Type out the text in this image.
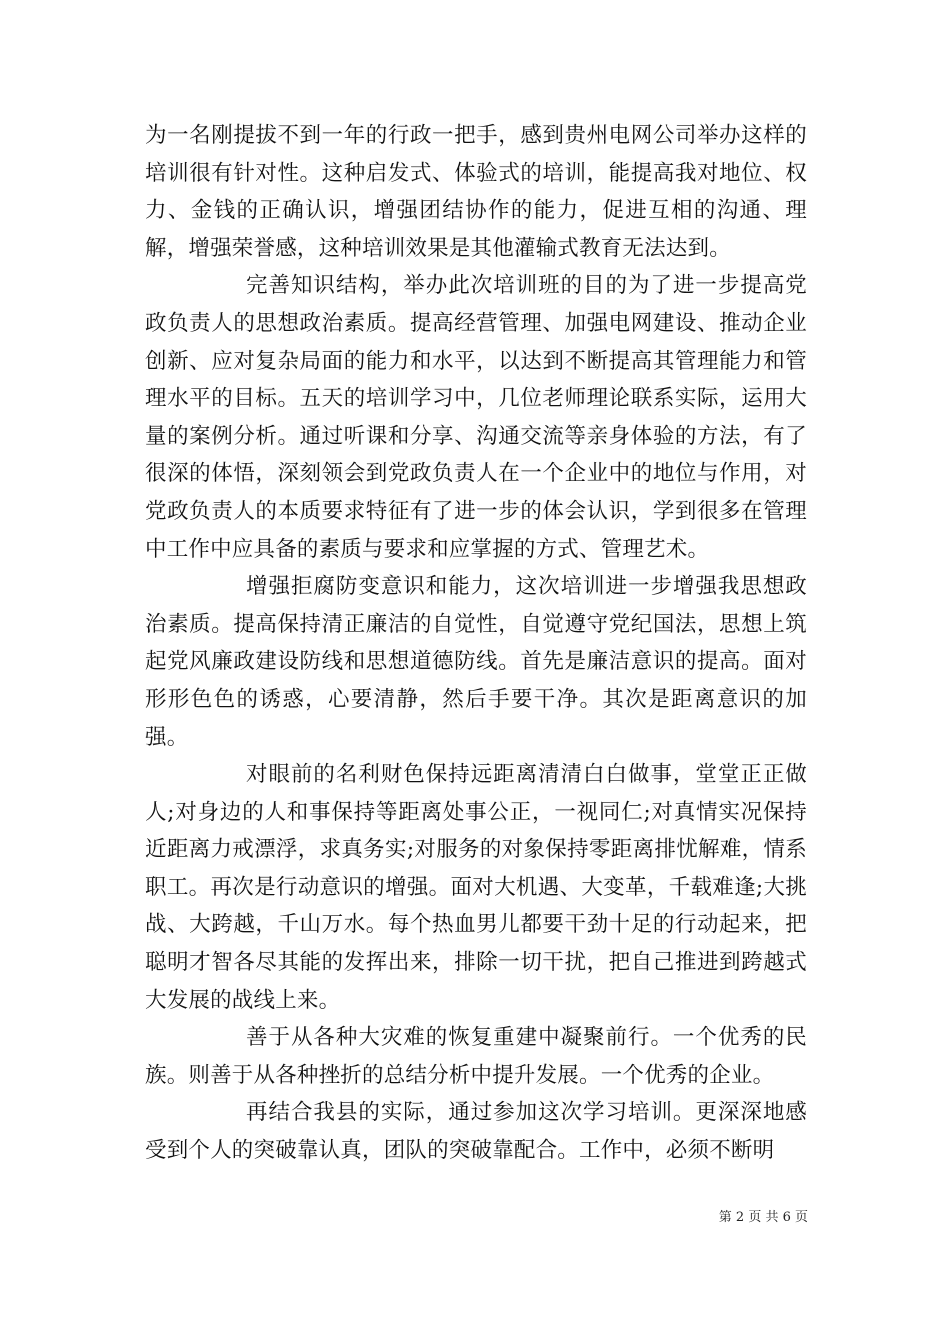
为一名刚提拔不到一年的行政一把手，感到贵州电网公司举办这样的培训很有针对性。这种启发式、体验式的培训，能提高我对地位、权力、金钱的正确认识，增强团结协作的能力，促进互相的沟通、理解，增强荣誉感，这种培训效果是其他灌输式教育无法达到。

完善知识结构，举办此次培训班的目的为了进一步提高党政负责人的思想政治素质。提高经营管理、加强电网建设、推动企业创新、应对复杂局面的能力和水平，以达到不断提高其管理能力和管理水平的目标。五天的培训学习中，几位老师理论联系实际，运用大量的案例分析。通过听课和分享、沟通交流等亲身体验的方法，有了很深的体悟，深刻领会到党政负责人在一个企业中的地位与作用，对党政负责人的本质要求特征有了进一步的体会认识，学到很多在管理中工作中应具备的素质与要求和应掌握的方式、管理艺术。

增强拒腐防变意识和能力，这次培训进一步增强我思想政治素质。提高保持清正廉洁的自觉性，自觉遵守党纪国法，思想上筑起党风廉政建设防线和思想道德防线。首先是廉洁意识的提高。面对形形色色的诱惑，心要清静，然后手要干净。其次是距离意识的加强。

对眼前的名利财色保持远距离清清白白做事，堂堂正正做人;对身边的人和事保持等距离处事公正，一视同仁;对真情实况保持近距离力戒漂浮，求真务实;对服务的对象保持零距离排忧解难，情系职工。再次是行动意识的增强。面对大机遇、大变革，千载难逢;大挑战、大跨越，千山万水。每个热血男儿都要干劲十足的行动起来，把聪明才智各尽其能的发挥出来，排除一切干扰，把自己推进到跨越式大发展的战线上来。

善于从各种大灾难的恢复重建中凝聚前行。一个优秀的民族。则善于从各种挫折的总结分析中提升发展。一个优秀的企业。

再结合我县的实际，通过参加这次学习培训。更深深地感受到个人的突破靠认真，团队的突破靠配合。工作中，必须不断明

第 2 页 共 6 页
